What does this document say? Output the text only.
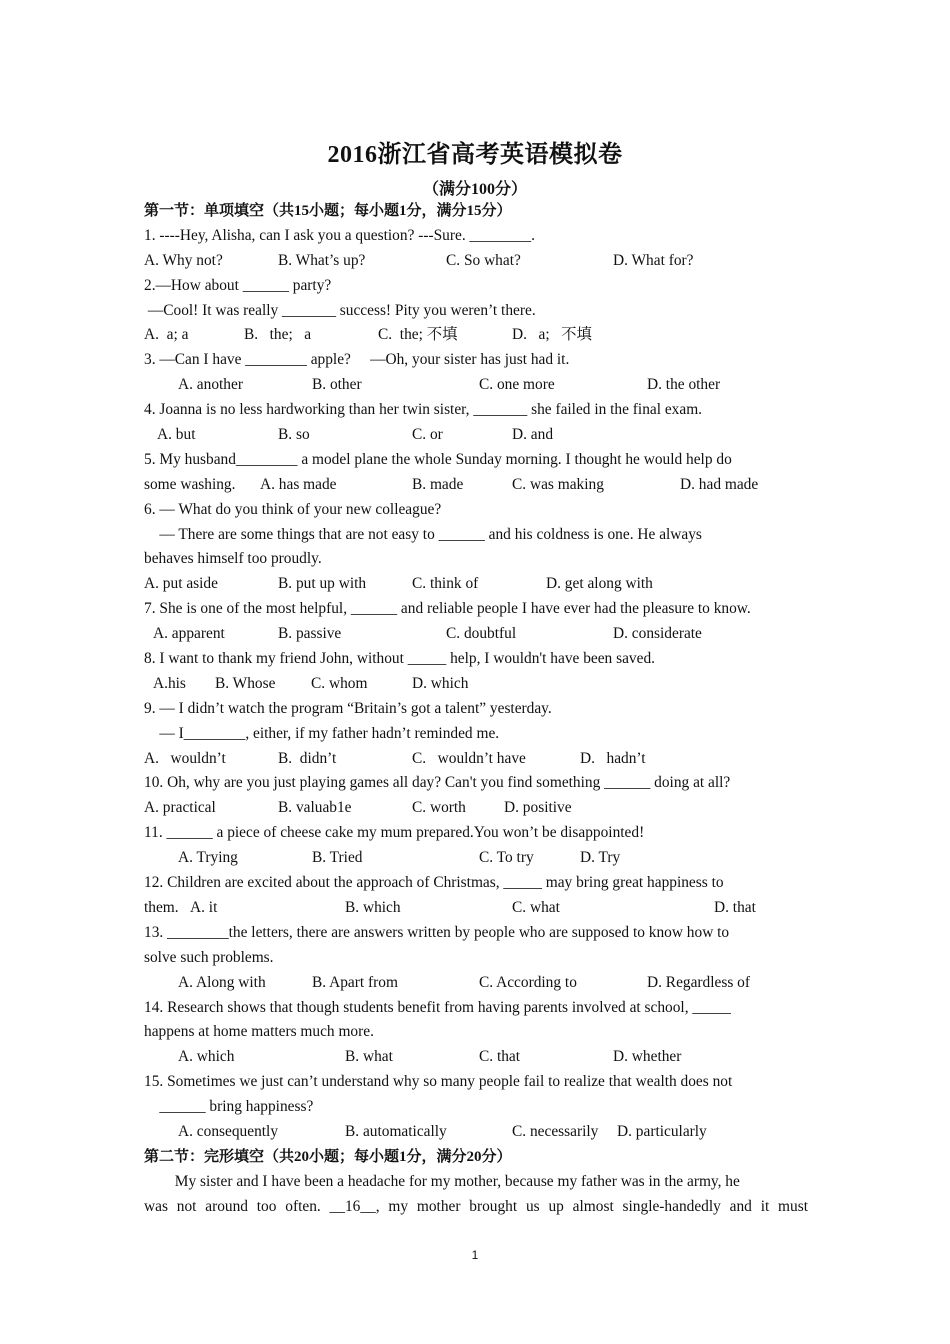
2016浙江省高考英语模拟卷
（满分100分）
第一节：单项填空（共15小题；每小题1分，满分15分）
1. ----Hey, Alisha, can I ask you a question? ---Sure. ________.
A. Why not?	B. What’s up?	C. So what?	D. What for?
2.—How about ______ party?
—Cool! It was really _______ success! Pity you weren’t there.
A.  a; a	B.   the;   a	C.  the; 不填	D.   a;   不填
3. —Can I have ________ apple?     —Oh, your sister has just had it.
A. another	B. other	C. one more	D. the other
4. Joanna is no less hardworking than her twin sister, _______ she failed in the final exam.
A. but	B. so	C. or	D. and
5. My husband________ a model plane the whole Sunday morning. I thought he would help do
some washing. A. has made	B. made	C. was making	D. had made
6. — What do you think of your new colleague?
— There are some things that are not easy to ______ and his coldness is one. He always
behaves himself too proudly.
A. put aside	B. put up with	C. think of	D. get along with
7. She is one of the most helpful, ______ and reliable people I have ever had the pleasure to know.
A. apparent	B. passive	C. doubtful	D. considerate
8. I want to thank my friend John, without _____ help, I wouldn't have been saved.
A.his B. Whose C. whom	D. which
9. — I didn’t watch the program “Britain’s got a talent” yesterday.
— I________, either, if my father hadn’t reminded me.
A.   wouldn’t	B.  didn’t	C.   wouldn’t have	D.   hadn’t
10. Oh, why are you just playing games all day? Can't you find something ______ doing at all?
A. practical	B. valuab1e	C. worth D. positive
11. ______ a piece of cheese cake my mum prepared.You won’t be disappointed!
A. Trying	B. Tried	C. To try	D. Try
12. Children are excited about the approach of Christmas, _____ may bring great happiness to
them. A. it	B. which	C. what	D. that
13. ________the letters, there are answers written by people who are supposed to know how to
solve such problems.
A. Along with	B. Apart from	C. According to	D. Regardless of
14. Research shows that though students benefit from having parents involved at school, _____
happens at home matters much more.
A. which	B. what	C. that	D. whether
15. Sometimes we just can’t understand why so many people fail to realize that wealth does not
______ bring happiness?
A. consequently	B. automatically	C. necessarily D. particularly
第二节：完形填空（共20小题；每小题1分，满分20分）
My sister and I have been a headache for my mother, because my father was in the army, he
was not around too often. __16__, my mother brought us up almost single-handedly and it must
1
